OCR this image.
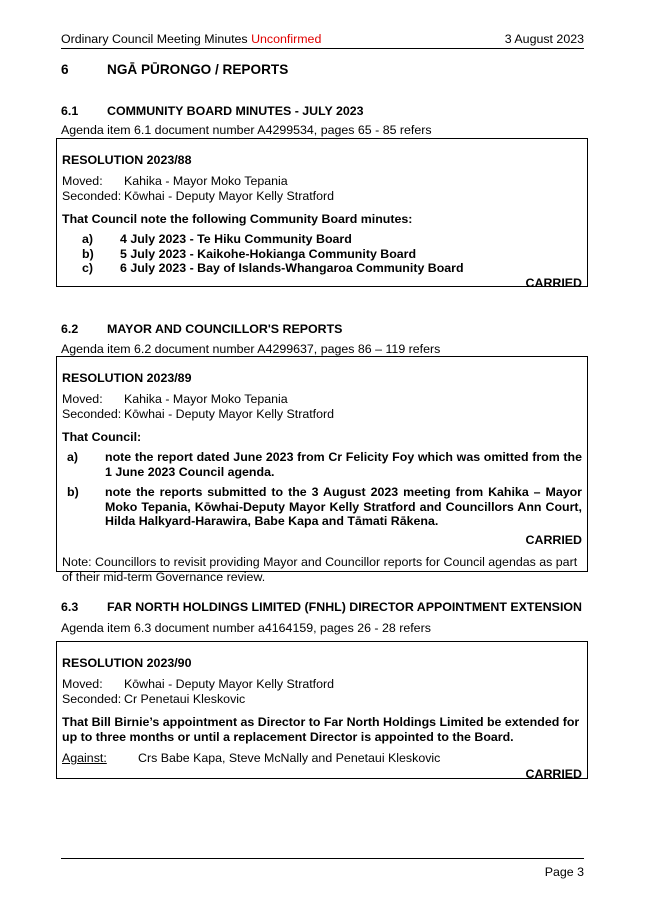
Ordinary Council Meeting Minutes Unconfirmed	3 August 2023
6	NGĀ PŪRONGO / REPORTS
6.1 COMMUNITY BOARD MINUTES - JULY 2023
Agenda item 6.1 document number A4299534, pages 65 - 85 refers
RESOLUTION 2023/88
Moved: Kahika - Mayor Moko Tepania
Seconded: Kōwhai - Deputy Mayor Kelly Stratford
That Council note the following Community Board minutes:
a)	4 July 2023 - Te Hiku Community Board
b)	5 July 2023 - Kaikohe-Hokianga Community Board
c)	6 July 2023 - Bay of Islands-Whangaroa Community Board
CARRIED
6.2 MAYOR AND COUNCILLOR'S REPORTS
Agenda item 6.2 document number A4299637, pages 86 – 119 refers
RESOLUTION 2023/89
Moved: Kahika - Mayor Moko Tepania
Seconded: Kōwhai - Deputy Mayor Kelly Stratford
That Council:
a)	note the report dated June 2023 from Cr Felicity Foy which was omitted from the 1 June 2023 Council agenda.
b)	note the reports submitted to the 3 August 2023 meeting from Kahika – Mayor Moko Tepania, Kōwhai-Deputy Mayor Kelly Stratford and Councillors Ann Court, Hilda Halkyard-Harawira, Babe Kapa and Tāmati Rākena.
CARRIED
Note: Councillors to revisit providing Mayor and Councillor reports for Council agendas as part of their mid-term Governance review.
6.3 FAR NORTH HOLDINGS LIMITED (FNHL) DIRECTOR APPOINTMENT EXTENSION
Agenda item 6.3 document number a4164159, pages 26 - 28 refers
RESOLUTION 2023/90
Moved: Kōwhai - Deputy Mayor Kelly Stratford
Seconded: Cr Penetaui Kleskovic
That Bill Birnie’s appointment as Director to Far North Holdings Limited be extended for up to three months or until a replacement Director is appointed to the Board.
Against:	Crs Babe Kapa, Steve McNally and Penetaui Kleskovic
CARRIED
Page 3
